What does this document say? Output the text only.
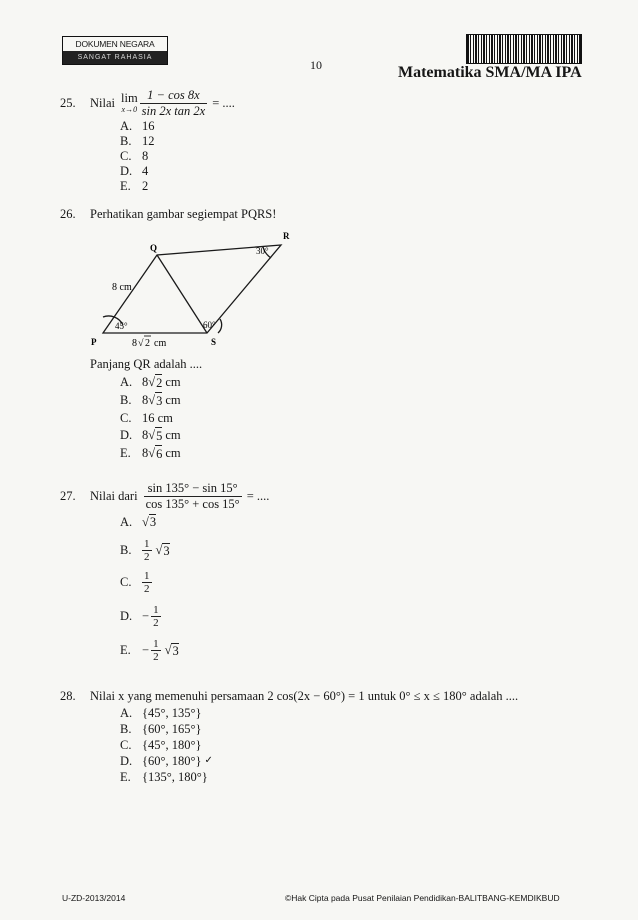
DOKUMEN NEGARA
SANGAT RAHASIA
10	Matematika SMA/MA IPA
25.	Nilai lim
$x\to 0 \frac{1 - \cos 8x}{\text{sin 2x tan 2x}}$ = ....
A. 16
B. 12
C. 8
D. 4
E. 2
26.	Perhatikan gambar segiempat PQRS!
Q
R
P	S
8 cm
45°	60°
30°
8 √ 2 cm
Panjang QR adalah ....
A. 8 √ 2 cm
B. 8 √ 3 cm
C. 16 cm
D. 8 √ 5 cm
E. 8 √ 6 cm
27.	Nilai dari $\frac{\sin 135^\circ - \sin 15^\circ}{\cos 135^\circ + \cos 15^\circ}$ = ....
A. √3
B. $\frac{1}{2}$ √ 3
C. $\frac{1}{2}$
D. − $\frac{1}{2}$
E. − $\frac{1}{2}$ √ 3
28.	Nilai x yang memenuhi persamaan 2 cos(2x − 60°) = 1 untuk 0° ≤ x ≤ 180° adalah ....
A. {45°, 135°}
B. {60°, 165°}
C. {45°, 180°}
D. {60°, 180°} ✓
E. {135°, 180°}
U-ZD-2013/2014	©Hak Cipta pada Pusat Penilaian Pendidikan-BALITBANG-KEMDIKBUD
